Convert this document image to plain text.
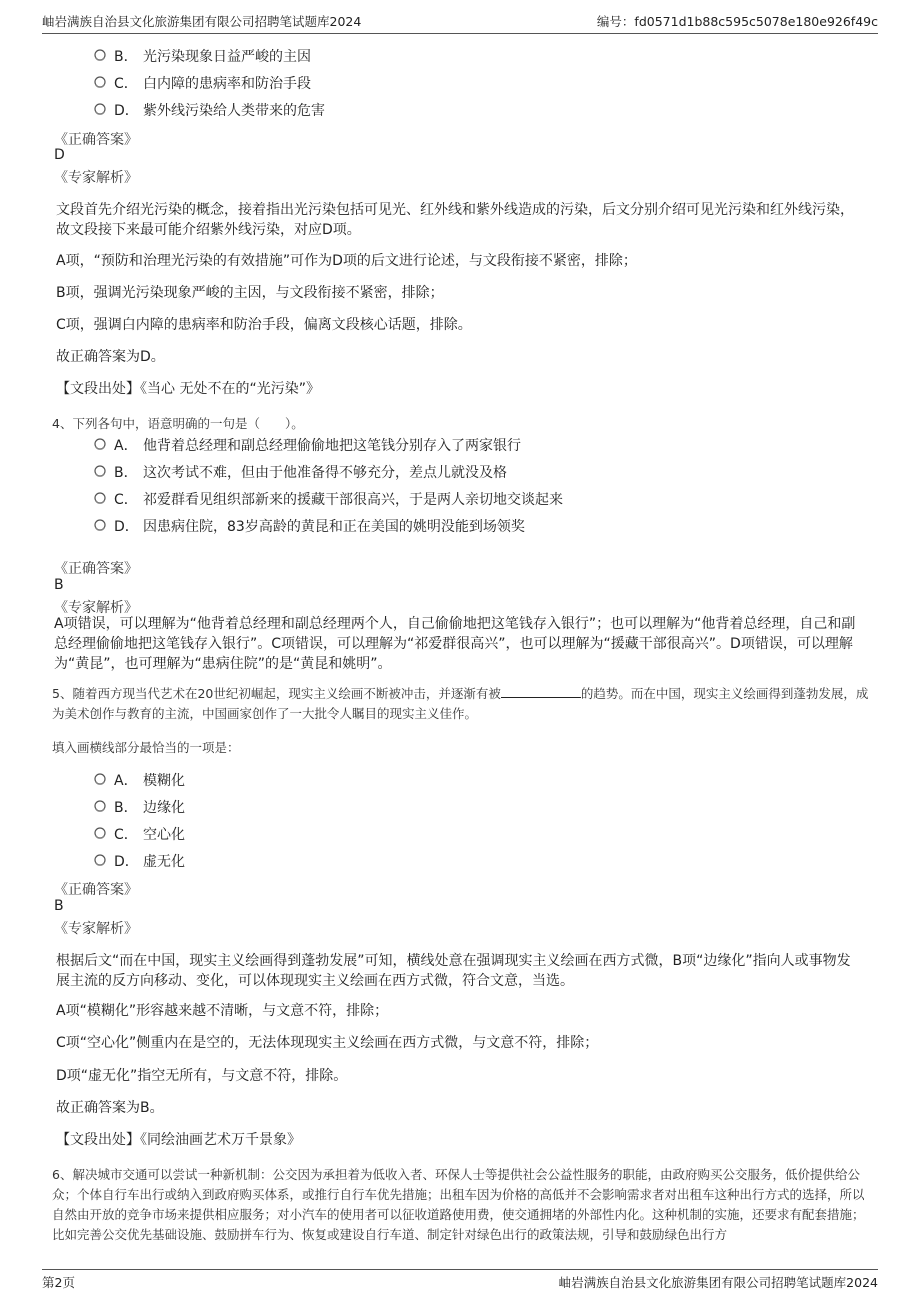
岫岩满族自治县文化旅游集团有限公司招聘笔试题库2024	编号：fd0571d1b88c595c5078e180e926f49c
B． 光污染现象日益严峻的主因
C． 白内障的患病率和防治手段
D． 紫外线污染给人类带来的危害
《正确答案》
D
《专家解析》
文段首先介绍光污染的概念，接着指出光污染包括可见光、红外线和紫外线造成的污染，后文分别介绍可见光污染和红外线污染，故文段接下来最可能介绍紫外线污染，对应D项。
A项，“预防和治理光污染的有效措施”可作为D项的后文进行论述，与文段衔接不紧密，排除；
B项，强调光污染现象严峻的主因，与文段衔接不紧密，排除；
C项，强调白内障的患病率和防治手段，偏离文段核心话题，排除。
故正确答案为D。
【文段出处】《当心 无处不在的“光污染”》
4、下列各句中，语意明确的一句是（　　）。
A． 他背着总经理和副总经理偷偷地把这笔钱分别存入了两家银行
B． 这次考试不难，但由于他准备得不够充分，差点儿就没及格
C． 祁爱群看见组织部新来的援藏干部很高兴，于是两人亲切地交谈起来
D． 因患病住院，83岁高龄的黄昆和正在美国的姚明没能到场领奖
《正确答案》
B
《专家解析》
A项错误，可以理解为“他背着总经理和副总经理两个人，自己偷偷地把这笔钱存入银行”；也可以理解为“他背着总经理，自己和副总经理偷偷地把这笔钱存入银行”。C项错误，可以理解为“祁爱群很高兴”，也可以理解为“援藏干部很高兴”。D项错误，可以理解为“黄昆”，也可理解为“患病住院”的是“黄昆和姚明”。
5、随着西方现当代艺术在20世纪初崛起，现实主义绘画不断被冲击，并逐渐有被	的趋势。而在中国，现实主义绘画得到蓬勃发展，成为美术创作与教育的主流，中国画家创作了一大批令人瞩目的现实主义佳作。
填入画横线部分最恰当的一项是：
A． 模糊化
B． 边缘化
C． 空心化
D． 虚无化
《正确答案》
B
《专家解析》
根据后文“而在中国，现实主义绘画得到蓬勃发展”可知，横线处意在强调现实主义绘画在西方式微，B项“边缘化”指向人或事物发展主流的反方向移动、变化，可以体现现实主义绘画在西方式微，符合文意，当选。
A项“模糊化”形容越来越不清晰，与文意不符，排除；
C项“空心化”侧重内在是空的，无法体现现实主义绘画在西方式微，与文意不符，排除；
D项“虚无化”指空无所有，与文意不符，排除。
故正确答案为B。
【文段出处】《同绘油画艺术万千景象》
6、解决城市交通可以尝试一种新机制：公交因为承担着为低收入者、环保人士等提供社会公益性服务的职能，由政府购买公交服务，低价提供给公众；个体自行车出行或纳入到政府购买体系，或推行自行车优先措施；出租车因为价格的高低并不会影响需求者对出租车这种出行方式的选择，所以自然由开放的竞争市场来提供相应服务；对小汽车的使用者可以征收道路使用费，使交通拥堵的外部性内化。这种机制的实施，还要求有配套措施；比如完善公交优先基础设施、鼓励拼车行为、恢复或建设自行车道、制定针对绿色出行的政策法规，引导和鼓励绿色出行方
第2页	岫岩满族自治县文化旅游集团有限公司招聘笔试题库2024
